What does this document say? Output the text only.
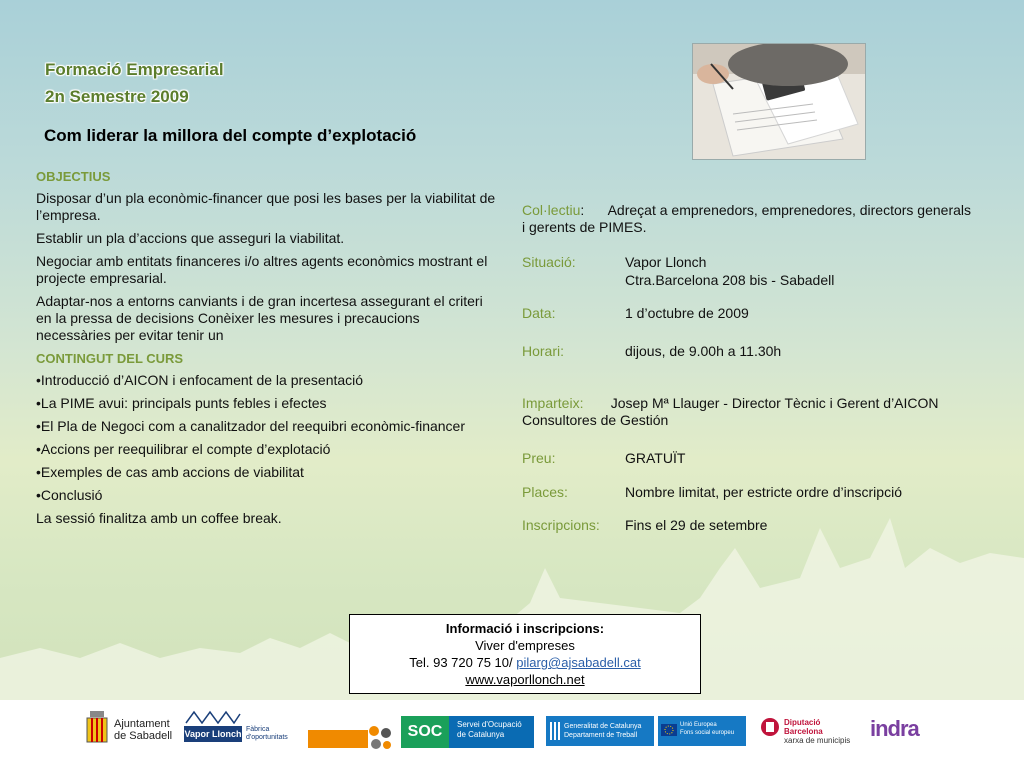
Formació Empresarial
2n Semestre 2009
Com liderar la millora del compte d’explotació
OBJECTIUS

Disposar d’un pla econòmic-financer que posi les bases per la viabilitat de l’empresa.

Establir un pla d’accions que asseguri la viabilitat.

Negociar amb entitats financeres i/o altres agents econòmics mostrant el projecte empresarial.

Adaptar-nos a entorns canviants i de gran incertesa assegurant el criteri en la pressa de decisions Conèixer les mesures i precaucions necessàries per evitar tenir un

CONTINGUT DEL CURS

•Introducció d’AICON i enfocament de la presentació

•La PIME avui: principals punts febles i efectes

•El Pla de Negoci com a canalitzador del reequibri econòmic-financer

•Accions per reequilibrar el compte d’explotació

•Exemples de cas amb accions de viabilitat

•Conclusió

La sessió finalitza amb un coffee break.

Col·lectiu:      Adreçat a emprenedors, emprenedores, directors generals i gerents de PIMES.
Situació:	Vapor Llonch
Ctra.Barcelona 208 bis - Sabadell
Data:	1 d’octubre de 2009
Horari:	dijous, de 9.00h a 11.30h
Imparteix: Josep Mª Llauger - Director Tècnic i Gerent d’AICON Consultores de Gestión
Preu:	GRATUÏT
Places:	Nombre limitat, per estricte ordre d’inscripció
Inscripcions: Fins el 29 de setembre
Informació i inscripcions:
Viver d'empreses
Tel. 93 720 75 10/ pilarg@ajsabadell.cat
www.vaporllonch.net
Ajuntament
de Sabadell Vapor Llonch Fàbrica
d'oportunitats	SOC	Servei d'Ocupació
de Catalunya
Generalitat de Catalunya
Departament de Treball
Unió Europea
Fons social europeu
Diputació
Barcelona
xarxa de municipis indra
